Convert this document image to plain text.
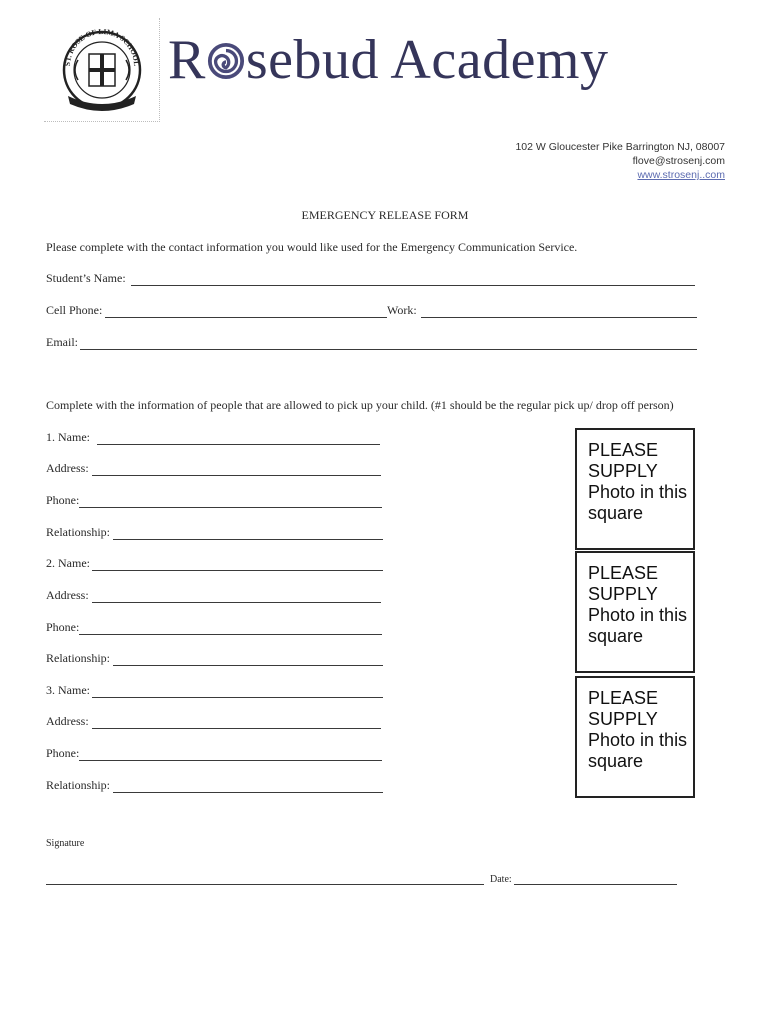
ST. ROSE OF LIMA SCHOOL R sebud Academy
102 W Gloucester Pike Barrington NJ, 08007
flove@strosenj.com
www.strosenj..com
EMERGENCY RELEASE FORM
Please complete with the contact information you would like used for the Emergency Communication Service.
Student’s Name:
Cell Phone:	Work:
Email:
Complete with the information of people that are allowed to pick up your child. (#1 should be the regular pick up/ drop off person)
1. Name:
Address:
Phone:
Relationship:
2. Name:
Address:
Phone:
Relationship:
3. Name:
Address:
Phone:
Relationship:
PLEASE
SUPPLY
Photo in this
square
PLEASE
SUPPLY
Photo in this
square
PLEASE
SUPPLY
Photo in this
square
Signature
Date:
